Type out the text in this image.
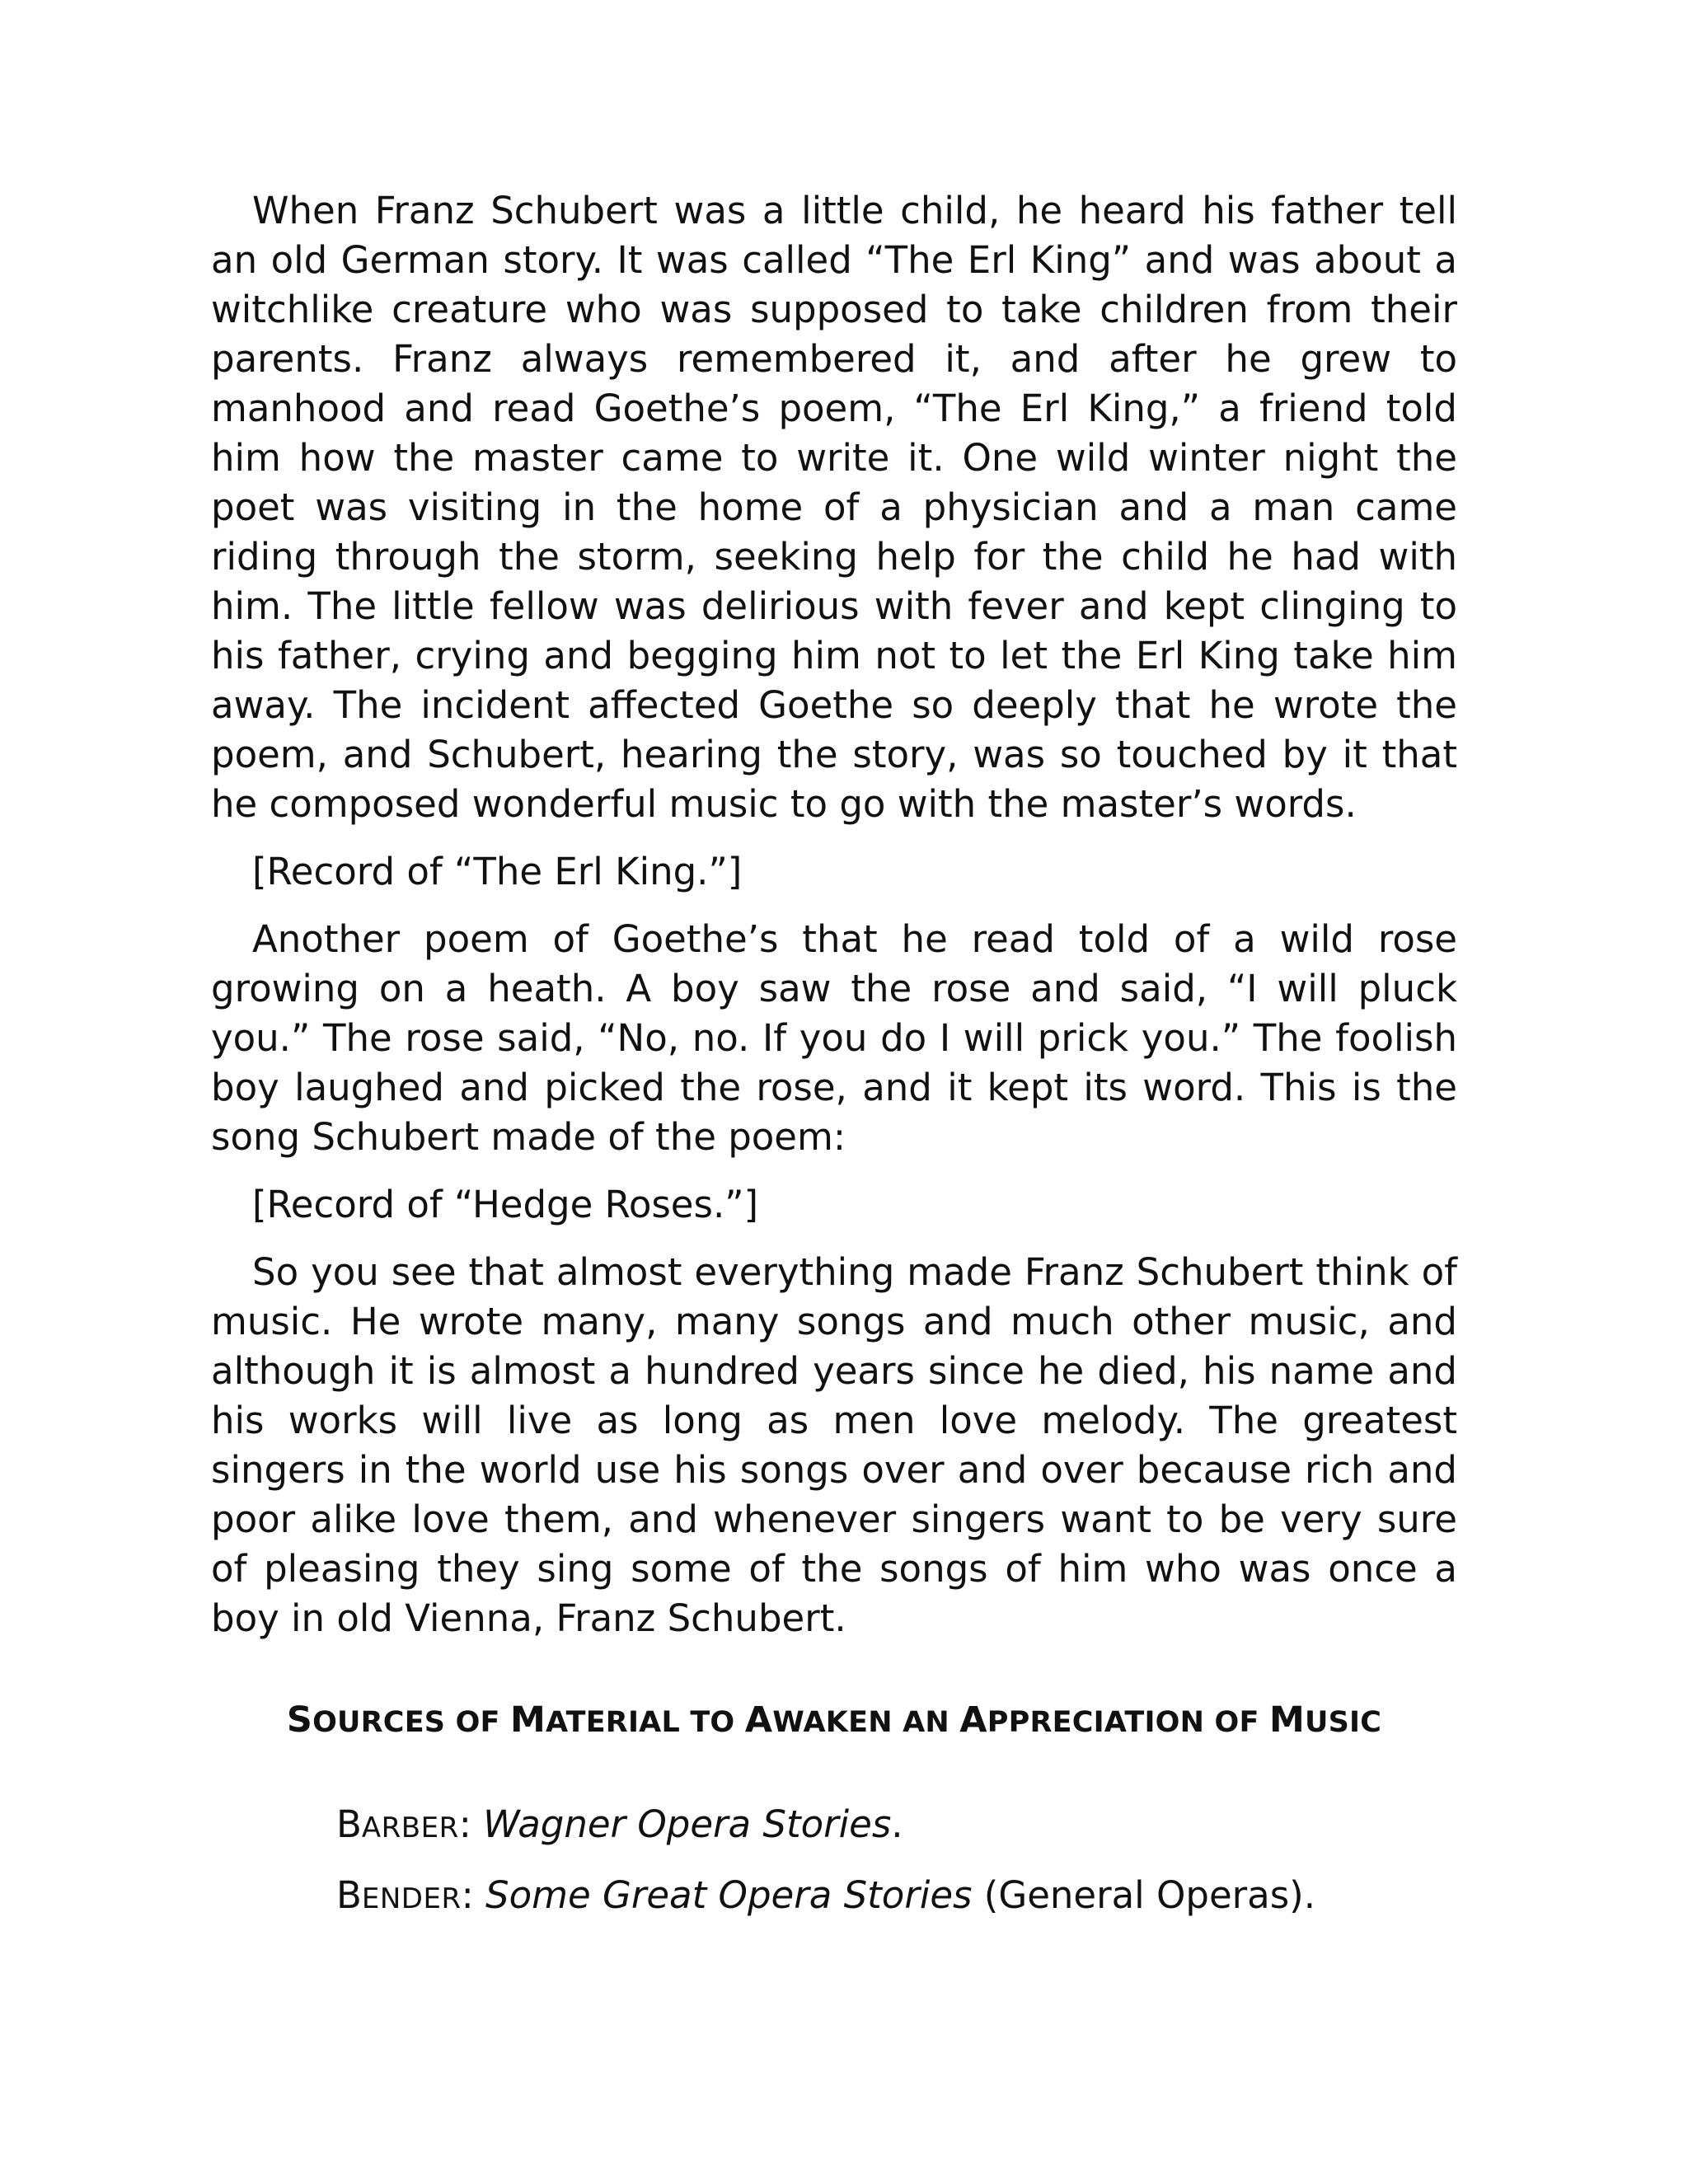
When Franz Schubert was a little child, he heard his father tell an old German story. It was called “The Erl King” and was about a witchlike creature who was supposed to take children from their parents. Franz always remembered it, and after he grew to manhood and read Goethe’s poem, “The Erl King,” a friend told him how the master came to write it. One wild winter night the poet was visiting in the home of a physician and a man came riding through the storm, seeking help for the child he had with him. The little fellow was delirious with fever and kept clinging to his father, crying and begging him not to let the Erl King take him away. The incident affected Goethe so deeply that he wrote the poem, and Schubert, hearing the story, was so touched by it that he composed wonderful music to go with the master’s words.

[Record of “The Erl King.”]

Another poem of Goethe’s that he read told of a wild rose growing on a heath. A boy saw the rose and said, “I will pluck you.” The rose said, “No, no. If you do I will prick you.” The foolish boy laughed and picked the rose, and it kept its word. This is the song Schubert made of the poem:

[Record of “Hedge Roses.”]

So you see that almost everything made Franz Schubert think of music. He wrote many, many songs and much other music, and although it is almost a hundred years since he died, his name and his works will live as long as men love melody. The greatest singers in the world use his songs over and over because rich and poor alike love them, and whenever singers want to be very sure of pleasing they sing some of the songs of him who was once a boy in old Vienna, Franz Schubert.

SOURCES OF MATERIAL TO AWAKEN AN APPRECIATION OF MUSIC

BARBER: Wagner Opera Stories.

BENDER: Some Great Opera Stories (General Operas).
